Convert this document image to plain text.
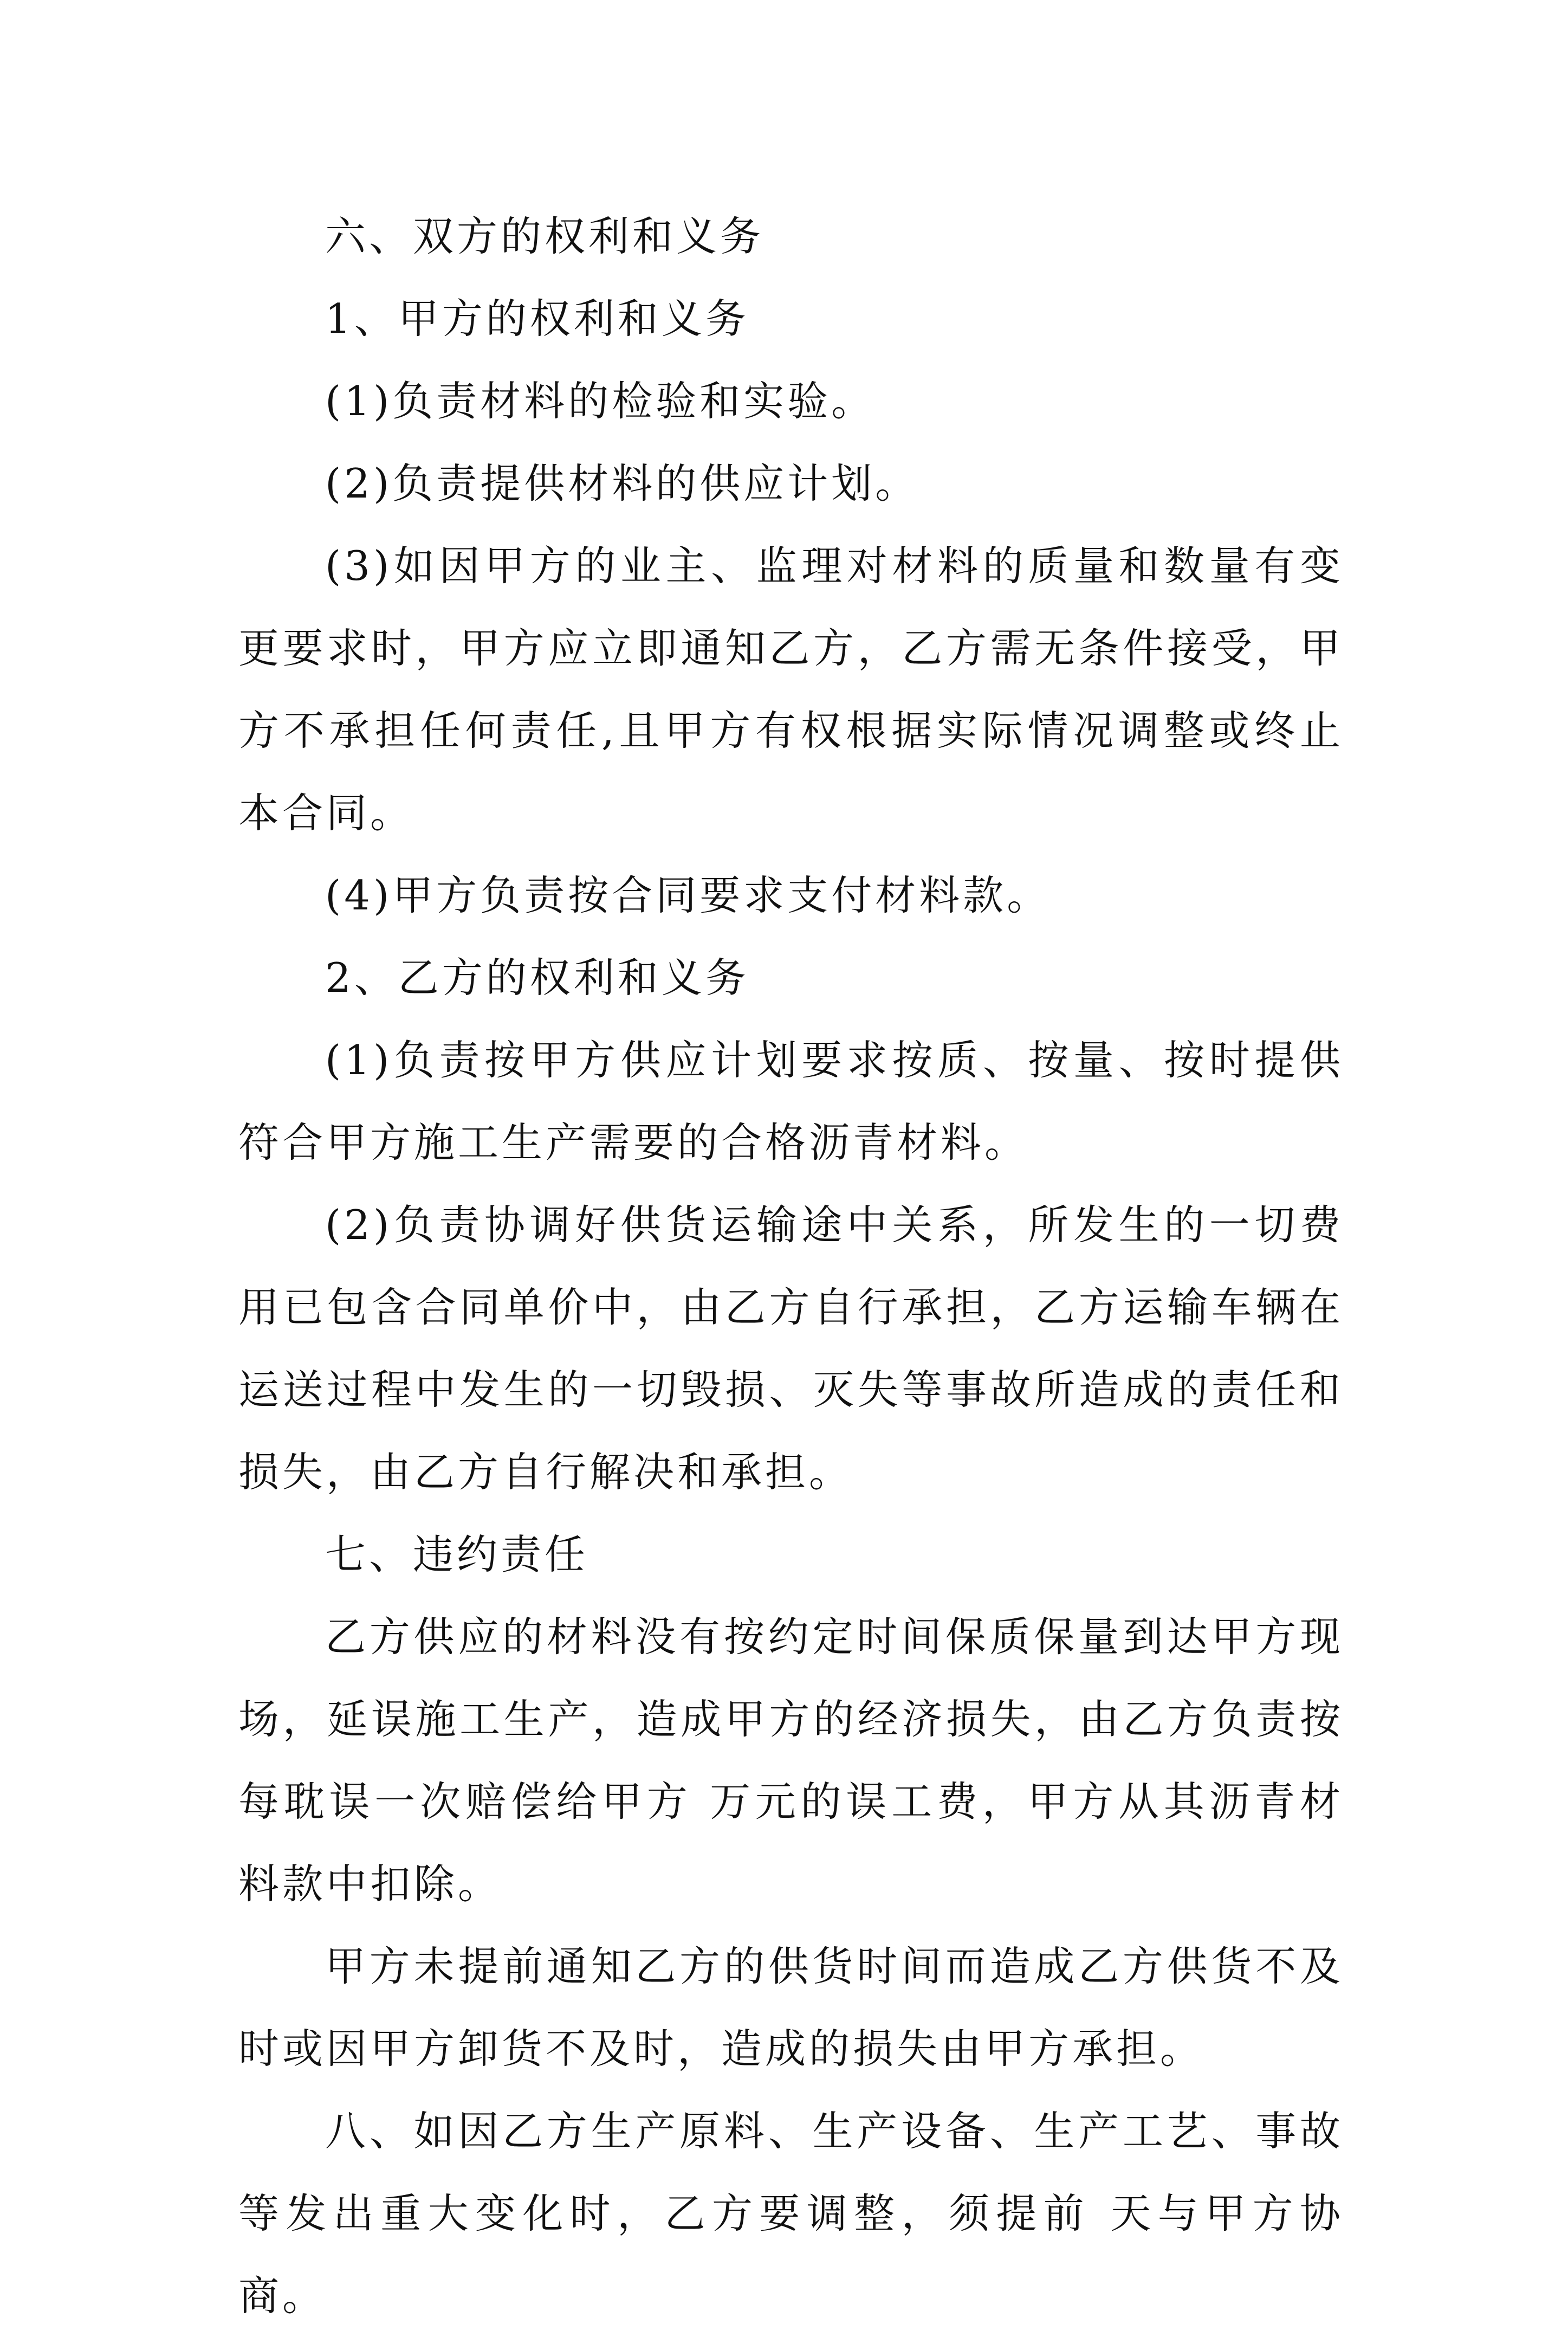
六、双方的权利和义务

1、甲方的权利和义务

(1)负责材料的检验和实验。

(2)负责提供材料的供应计划。

(3)如因甲方的业主、监理对材料的质量和数量有变更要求时，甲方应立即通知乙方，乙方需无条件接受，甲方不承担任何责任,且甲方有权根据实际情况调整或终止本合同。

(4)甲方负责按合同要求支付材料款。

2、乙方的权利和义务

(1)负责按甲方供应计划要求按质、按量、按时提供符合甲方施工生产需要的合格沥青材料。

(2)负责协调好供货运输途中关系，所发生的一切费用已包含合同单价中，由乙方自行承担，乙方运输车辆在运送过程中发生的一切毁损、灭失等事故所造成的责任和损失，由乙方自行解决和承担。

七、违约责任

乙方供应的材料没有按约定时间保质保量到达甲方现场，延误施工生产，造成甲方的经济损失，由乙方负责按每耽误一次赔偿给甲方 万元的误工费，甲方从其沥青材料款中扣除。

甲方未提前通知乙方的供货时间而造成乙方供货不及时或因甲方卸货不及时，造成的损失由甲方承担。

八、如因乙方生产原料、生产设备、生产工艺、事故等发出重大变化时，乙方要调整，须提前 天与甲方协商。
